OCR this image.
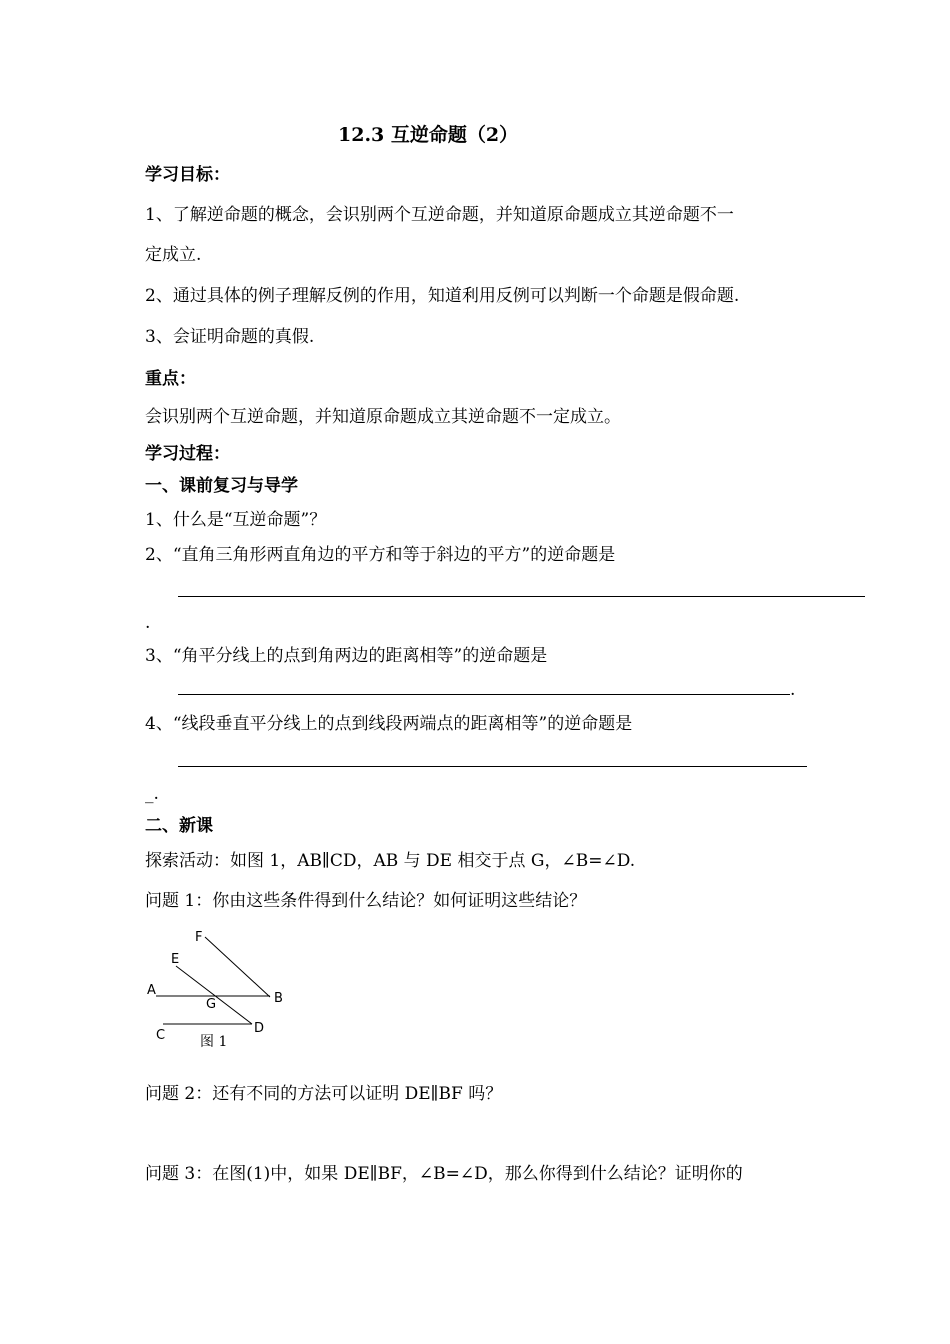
12.3 互逆命题（2）
学习目标：
1、了解逆命题的概念，会识别两个互逆命题，并知道原命题成立其逆命题不一
定成立.
2、通过具体的例子理解反例的作用，知道利用反例可以判断一个命题是假命题.
3、会证明命题的真假.
重点：
会识别两个互逆命题，并知道原命题成立其逆命题不一定成立。
学习过程：
一、课前复习与导学
1、什么是“互逆命题”？
2、“直角三角形两直角边的平方和等于斜边的平方”的逆命题是
.
3、“角平分线上的点到角两边的距离相等”的逆命题是
.
4、“线段垂直平分线上的点到线段两端点的距离相等”的逆命题是
_.
二、新课
探索活动：如图 1，AB∥CD，AB 与 DE 相交于点 G，∠B=∠D.
问题 1：你由这些条件得到什么结论？如何证明这些结论？
F
E
A
B
G
C	D
图 1
问题 2：还有不同的方法可以证明 DE∥BF 吗？
问题 3：在图(1)中，如果 DE∥BF，∠B=∠D，那么你得到什么结论？证明你的
